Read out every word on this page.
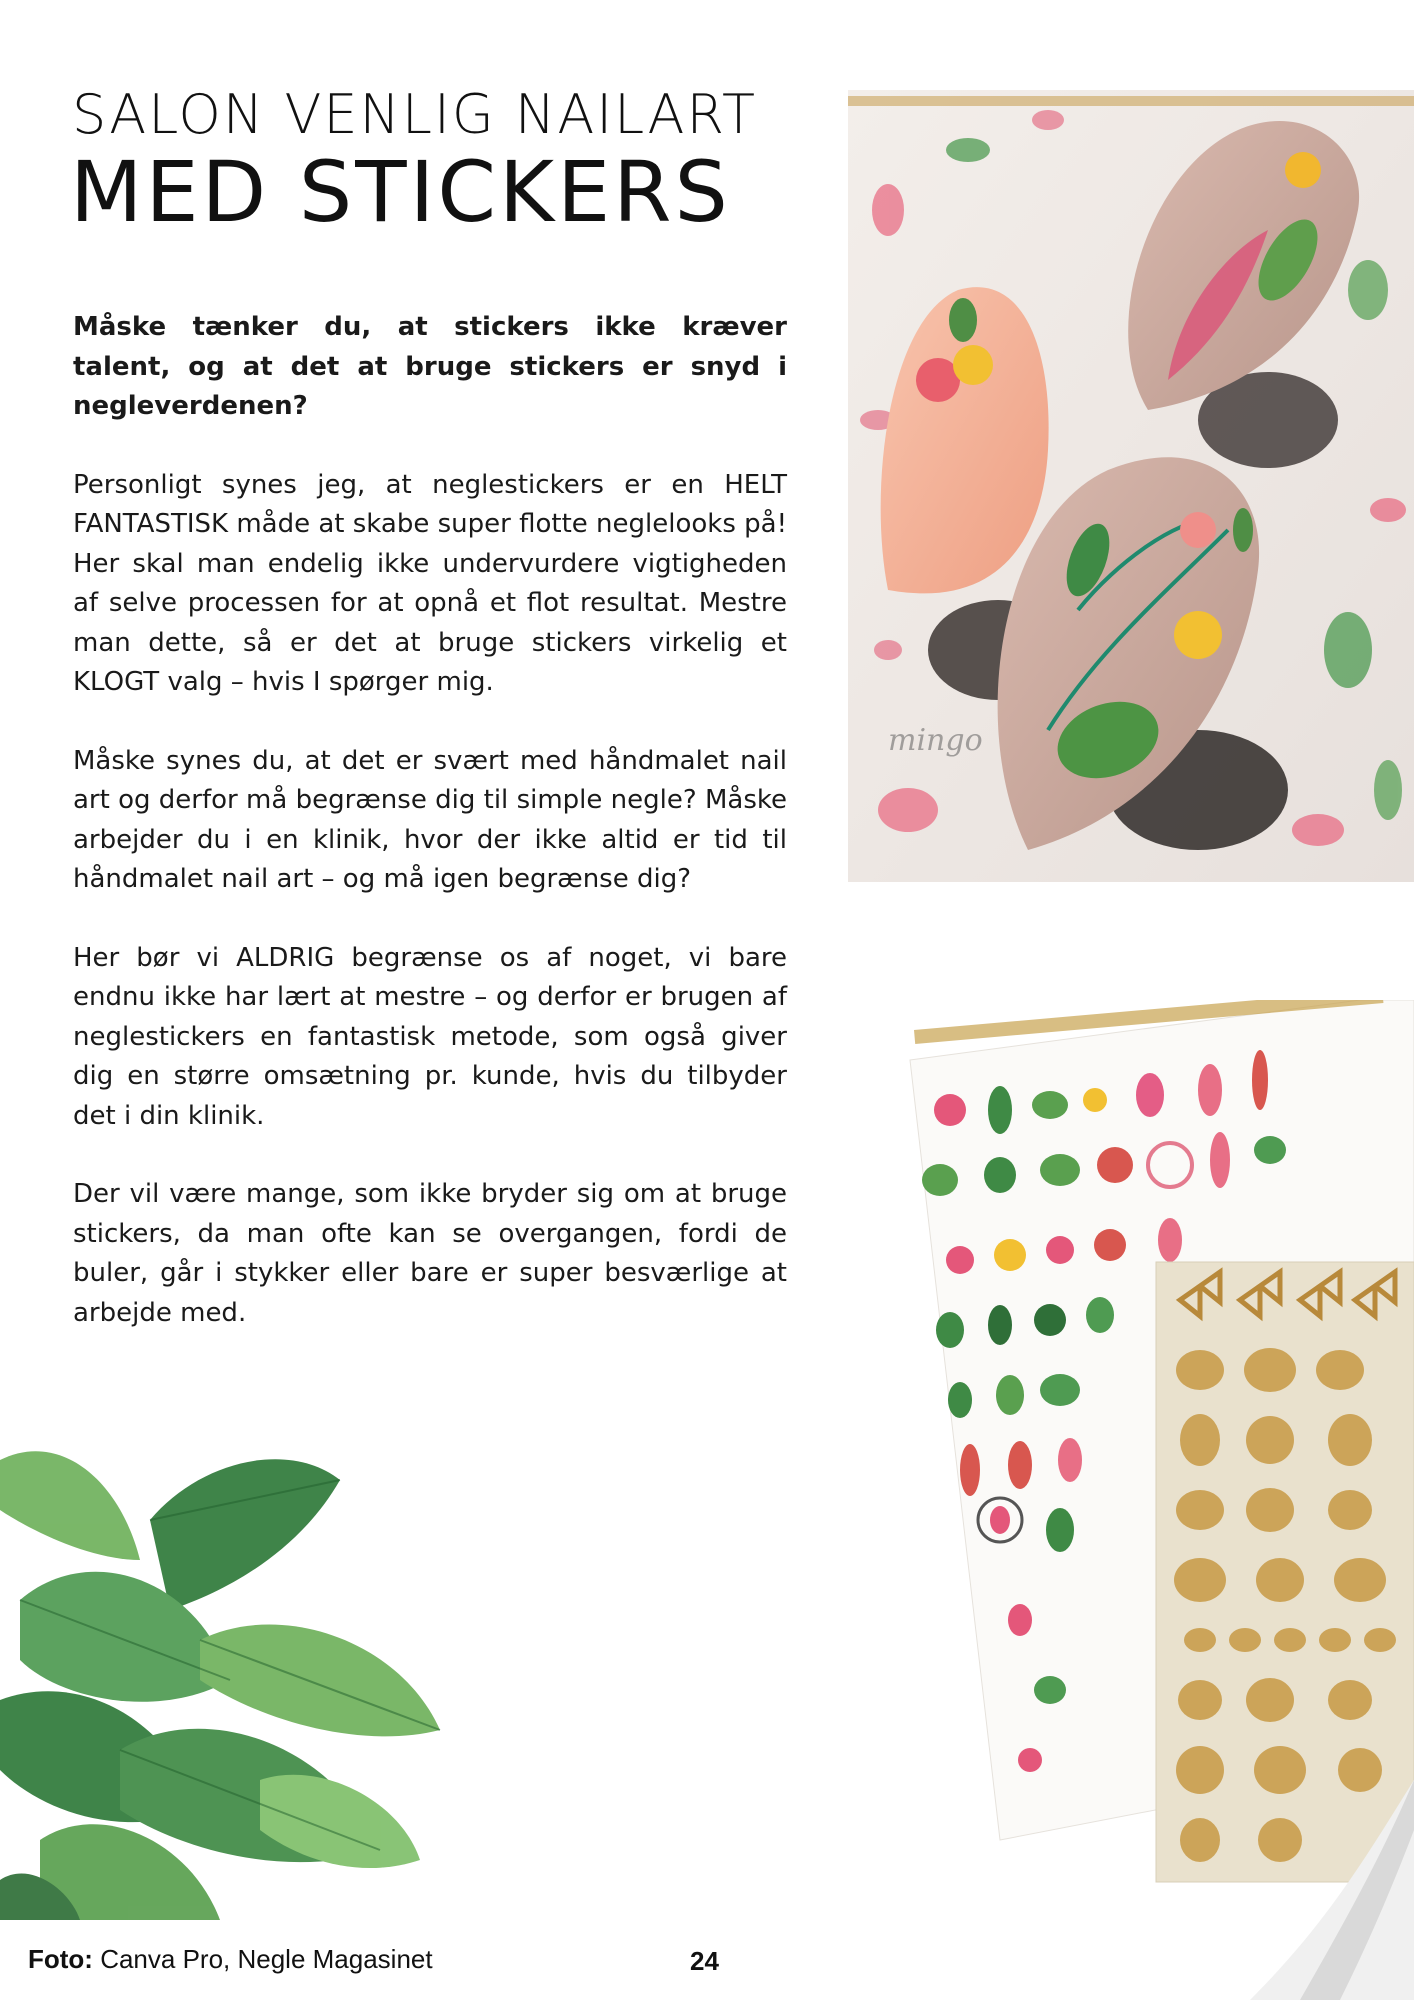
SALON VENLIG NAILART
MED STICKERS

Måske tænker du, at stickers ikke kræver talent, og at det at bruge stickers er snyd i negleverdenen?

Personligt synes jeg, at neglestickers er en HELT FANTASTISK måde at skabe super flotte neglelooks på! Her skal man endelig ikke undervurdere vigtigheden af selve processen for at opnå et flot resultat. Mestre man dette, så er det at bruge stickers virkelig et KLOGT valg – hvis I spørger mig.

Måske synes du, at det er svært med håndmalet nail art og derfor må begrænse dig til simple negle? Måske arbejder du i en klinik, hvor der ikke altid er tid til håndmalet nail art – og må igen begrænse dig?

Her bør vi ALDRIG begrænse os af noget, vi bare endnu ikke har lært at mestre – og derfor er brugen af neglestickers en fantastisk metode, som også giver dig en større omsætning pr. kunde, hvis du tilbyder det i din klinik.

Der vil være mange, som ikke bryder sig om at bruge stickers, da man ofte kan se overgangen, fordi de buler, går i stykker eller bare er super besværlige at arbejde med.

mingo
Foto: Canva Pro, Negle Magasinet	24
